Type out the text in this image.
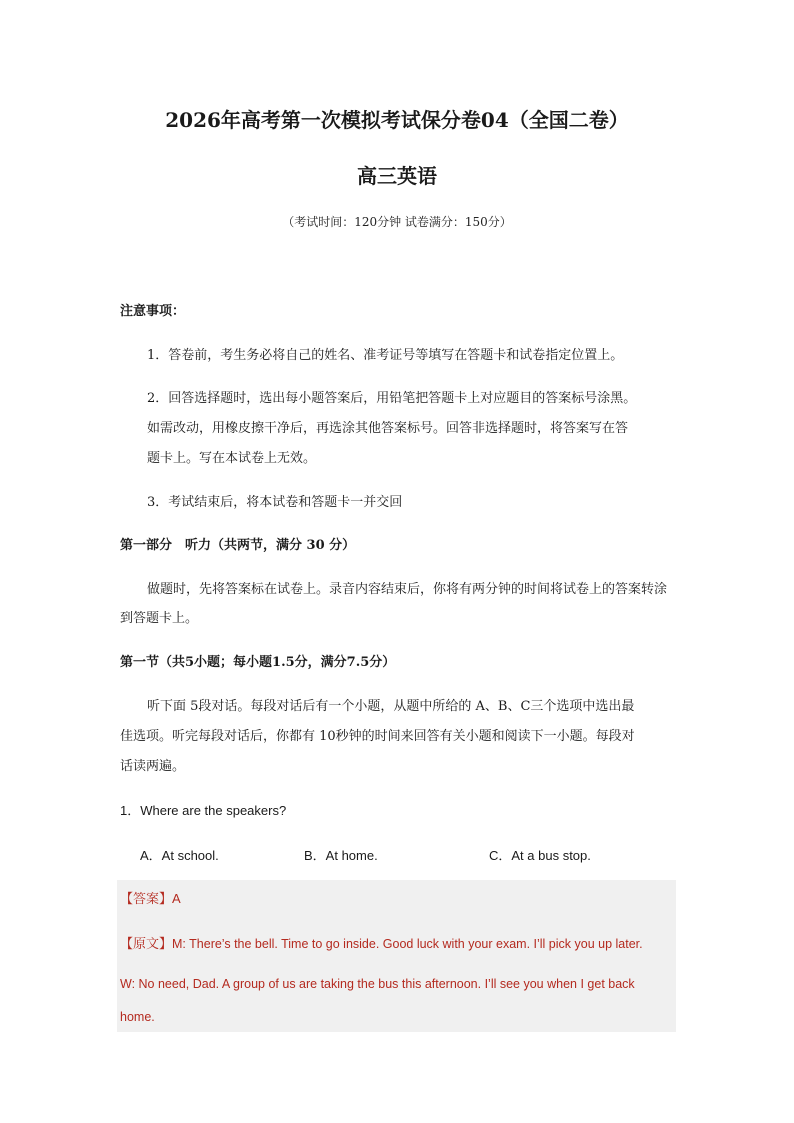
2026年高考第一次模拟考试保分卷04（全国二卷）
高三英语
（考试时间：120分钟 试卷满分：150分）
注意事项：
1．答卷前，考生务必将自己的姓名、准考证号等填写在答题卡和试卷指定位置上。
2．回答选择题时，选出每小题答案后，用铅笔把答题卡上对应题目的答案标号涂黑。
如需改动，用橡皮擦干净后，再选涂其他答案标号。回答非选择题时，将答案写在答
题卡上。写在本试卷上无效。
3．考试结束后，将本试卷和答题卡一并交回
第一部分　听力（共两节，满分 30 分）
做题时，先将答案标在试卷上。录音内容结束后，你将有两分钟的时间将试卷上的答案转涂
到答题卡上。
第一节（共5小题；每小题1.5分，满分7.5分）
听下面 5段对话。每段对话后有一个小题，从题中所给的 A、B、C三个选项中选出最
佳选项。听完每段对话后，你都有 10秒钟的时间来回答有关小题和阅读下一小题。每段对
话读两遍。
1．Where are the speakers?
A．At school.	B．At home.	C．At a bus stop.
【答案】A
【原文】M: There’s the bell. Time to go inside. Good luck with your exam. I’ll pick you up later.
W: No need, Dad. A group of us are taking the bus this afternoon. I’ll see you when I get back
home.
